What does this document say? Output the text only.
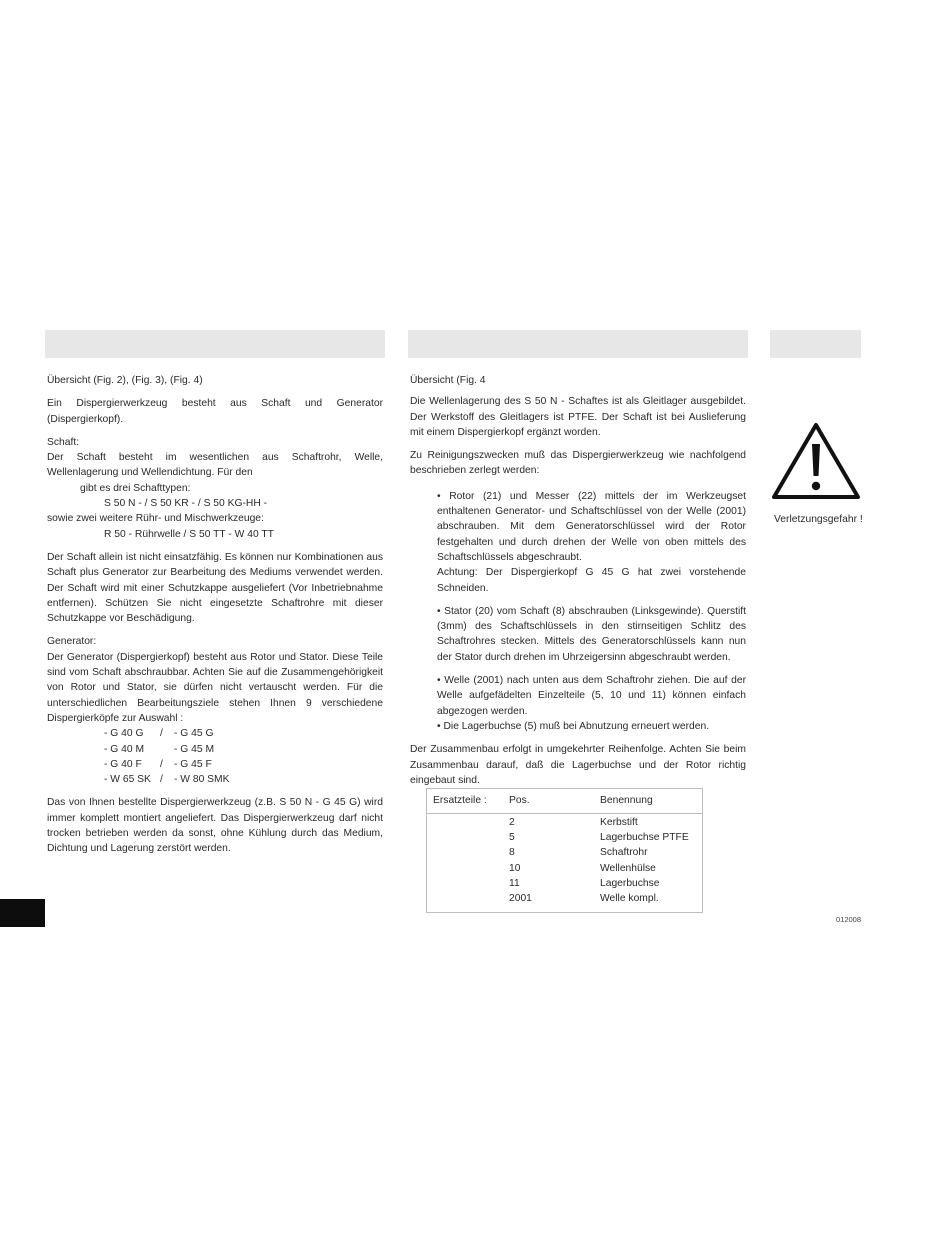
Übersicht (Fig. 2), (Fig. 3), (Fig. 4)

Ein Dispergierwerkzeug besteht aus Schaft und Generator (Dispergierkopf).

Schaft:

Der Schaft besteht im wesentlichen aus Schaftrohr, Welle,

Wellenlagerung und Wellendichtung. Für den

gibt es drei Schafttypen:

S 50 N - / S 50 KR - / S 50 KG-HH -

sowie zwei weitere Rühr- und Mischwerkzeuge:

R 50 - Rührwelle / S 50 TT - W 40 TT

Der Schaft allein ist nicht einsatzfähig. Es können nur Kombinationen aus Schaft plus Generator zur Bearbeitung des Mediums verwendet werden. Der Schaft wird mit einer Schutzkappe ausgeliefert (Vor Inbetriebnahme entfernen). Schützen Sie nicht eingesetzte Schaftrohre mit dieser Schutzkappe vor Beschädigung.

Generator:

Der Generator (Dispergierkopf) besteht aus Rotor und Stator. Diese Teile sind vom Schaft abschraubbar. Achten Sie auf die Zusammengehörigkeit von Rotor und Stator, sie dürfen nicht vertauscht werden. Für die unterschiedlichen Bearbeitungsziele stehen Ihnen 9 verschiedene Dispergierköpfe zur Auswahl :

- G 40 G	/	- G 45 G
- G 40 M		- G 45 M
- G 40 F	/	- G 45 F
- W 65 SK	/	- W 80 SMK

Das von Ihnen bestellte Dispergierwerkzeug (z.B. S 50 N - G 45 G) wird immer komplett montiert angeliefert. Das Dispergierwerkzeug darf nicht trocken betrieben werden da sonst, ohne Kühlung durch das Medium, Dichtung und Lagerung zerstört werden.

Übersicht (Fig. 4

Die Wellenlagerung des S 50 N - Schaftes ist als Gleitlager ausgebildet. Der Werkstoff des Gleitlagers ist PTFE. Der Schaft ist bei Auslieferung mit einem Dispergierkopf ergänzt worden.

Zu Reinigungszwecken muß das Dispergierwerkzeug wie nachfolgend beschrieben zerlegt werden:

• Rotor (21) und Messer (22) mittels der im Werkzeugset enthaltenen Generator- und Schaftschlüssel von der Welle (2001) abschrauben. Mit dem Generatorschlüssel wird der Rotor festgehalten und durch drehen der Welle von oben mittels des Schaftschlüssels abgeschraubt.

Achtung: Der Dispergierkopf G 45 G hat zwei vorstehende Schneiden.

• Stator (20) vom Schaft (8) abschrauben (Linksgewinde). Querstift (3mm) des Schaftschlüssels in den stirnseitigen Schlitz des Schaftrohres stecken. Mittels des Generatorschlüssels kann nun der Stator durch drehen im Uhrzeigersinn abgeschraubt werden.

• Welle (2001) nach unten aus dem Schaftrohr ziehen. Die auf der Welle aufgefädelten Einzelteile (5, 10 und 11) können einfach abgezogen werden.

• Die Lagerbuchse (5) muß bei Abnutzung erneuert werden.

Der Zusammenbau erfolgt in umgekehrter Reihenfolge. Achten Sie beim Zusammenbau darauf, daß die Lagerbuchse und der Rotor richtig eingebaut sind.

Ersatzteile : Pos.	Benennung
2	Kerbstift
5	Lagerbuchse PTFE
8	Schaftrohr
10	Wellenhülse
11	Lagerbuchse
2001	Welle kompl.
Verletzungsgefahr !
012008
